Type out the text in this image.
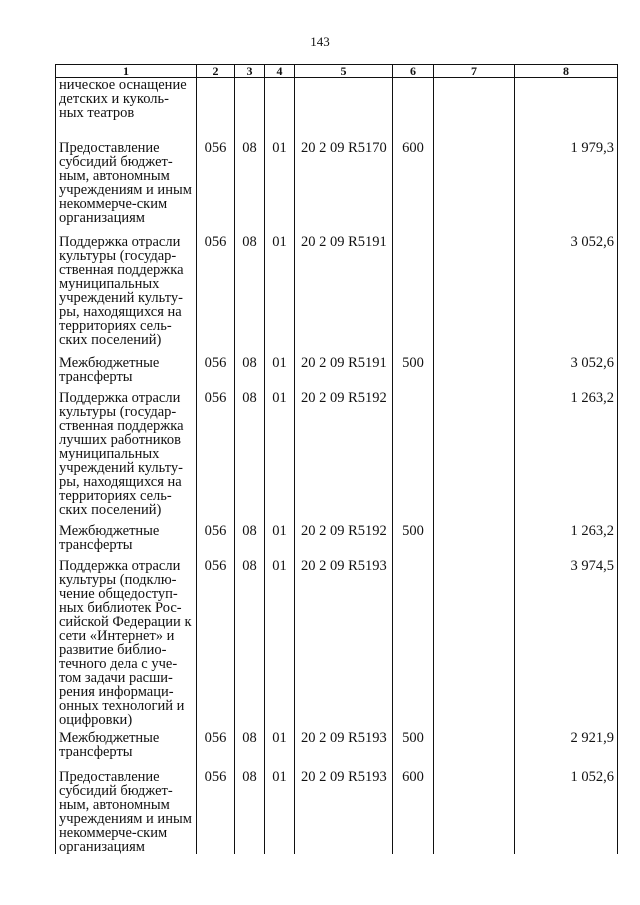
143
1	2	3	4	5	6	7	8
ническое оснащение детских и куколь-ных театров							
Предоставление субсидий бюджет-ным, автономным учреждениям и иным некоммерче-ским организациям	056	08	01	20 2 09 R5170	600		1 979,3
Поддержка отрасли культуры (государ-ственная поддержка муниципальных учреждений культу-ры, находящихся на территориях сель-ских поселений)	056	08	01	20 2 09 R5191			3 052,6
Межбюджетные трансферты	056	08	01	20 2 09 R5191	500		3 052,6
Поддержка отрасли культуры (государ-ственная поддержка лучших работников муниципальных учреждений культу-ры, находящихся на территориях сель-ских поселений)	056	08	01	20 2 09 R5192			1 263,2
Межбюджетные трансферты	056	08	01	20 2 09 R5192	500		1 263,2
Поддержка отрасли культуры (подклю-чение общедоступ-ных библиотек Рос-сийской Федерации к сети «Интернет» и развитие библио-течного дела с уче-том задачи расши-рения информаци-онных технологий и оцифровки)	056	08	01	20 2 09 R5193			3 974,5
Межбюджетные трансферты	056	08	01	20 2 09 R5193	500		2 921,9
Предоставление субсидий бюджет-ным, автономным учреждениям и иным некоммерче-ским организациям	056	08	01	20 2 09 R5193	600		1 052,6
